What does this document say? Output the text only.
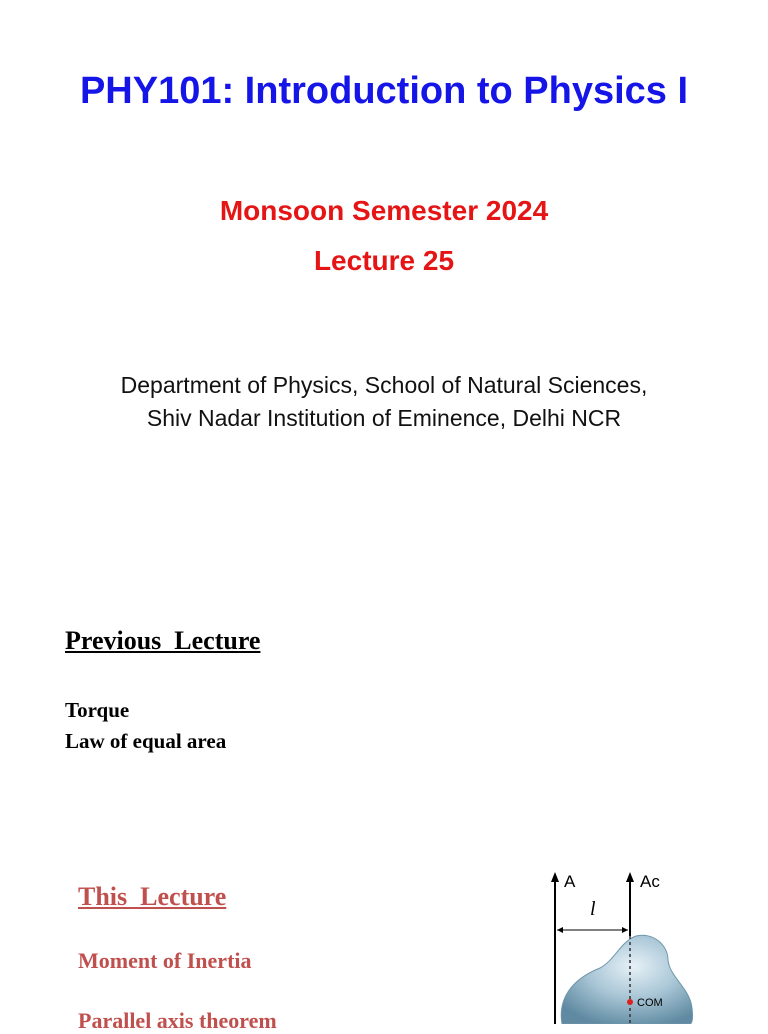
PHY101: Introduction to Physics I
Monsoon Semester 2024
Lecture 25
Department of Physics, School of Natural Sciences,
Shiv Nadar Institution of Eminence, Delhi NCR
Previous  Lecture
Torque
Law of equal area
This  Lecture
Moment of Inertia
Parallel axis theorem
A	Ac
l
COM
